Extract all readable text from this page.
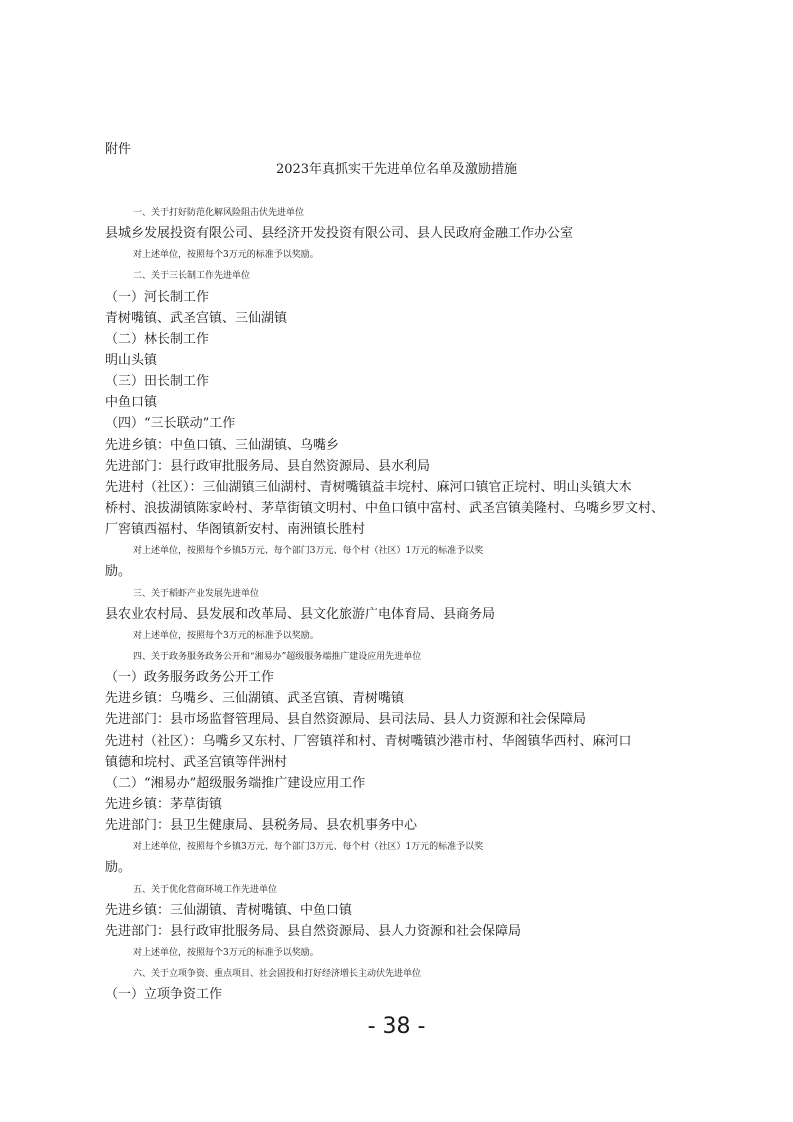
附件
2023年真抓实干先进单位名单及激励措施
一、关于打好防范化解风险阻击伏先进单位
县城乡发展投资有限公司、县经济开发投资有限公司、县人民政府金融工作办公室
对上述单位，按照每个3万元的标准予以奖励。
二、关于三长制工作先进单位
（一）河长制工作
青树嘴镇、武圣宫镇、三仙湖镇
（二）林长制工作
明山头镇
（三）田长制工作
中鱼口镇
（四）“三长联动”工作
先进乡镇：中鱼口镇、三仙湖镇、乌嘴乡
先进部门：县行政审批服务局、县自然资源局、县水利局
先进村（社区）：三仙湖镇三仙湖村、青树嘴镇益丰垸村、麻河口镇官正垸村、明山头镇大木
桥村、浪拔湖镇陈家岭村、茅草街镇文明村、中鱼口镇中富村、武圣宫镇美隆村、乌嘴乡罗文村、
厂窖镇西福村、华阁镇新安村、南洲镇长胜村
对上述单位，按照每个乡镇5万元、每个部门3万元、每个村（社区）1万元的标准予以奖
励。
三、关于稻虾产业发展先进单位
县农业农村局、县发展和改革局、县文化旅游广电体育局、县商务局
对上述单位，按照每个3万元的标准予以奖励。
四、关于政务服务政务公开和“湘易办”超级服务端推广建设应用先进单位
（一）政务服务政务公开工作
先进乡镇：乌嘴乡、三仙湖镇、武圣宫镇、青树嘴镇
先进部门：县市场监督管理局、县自然资源局、县司法局、县人力资源和社会保障局
先进村（社区）：乌嘴乡又东村、厂窖镇祥和村、青树嘴镇沙港市村、华阁镇华西村、麻河口
镇德和垸村、武圣宫镇等伴洲村
（二）“湘易办”超级服务端推广建设应用工作
先进乡镇：茅草街镇
先进部门：县卫生健康局、县税务局、县农机事务中心
对上述单位，按照每个乡镇3万元、每个部门3万元、每个村（社区）1万元的标准予以奖
励。
五、关于优化营商环境工作先进单位
先进乡镇：三仙湖镇、青树嘴镇、中鱼口镇
先进部门：县行政审批服务局、县自然资源局、县人力资源和社会保障局
对上述单位，按照每个3万元的标准予以奖励。
六、关于立项争资、重点项目、社会固投和打好经济增长主动伏先进单位
（一）立项争资工作
- 38 -
